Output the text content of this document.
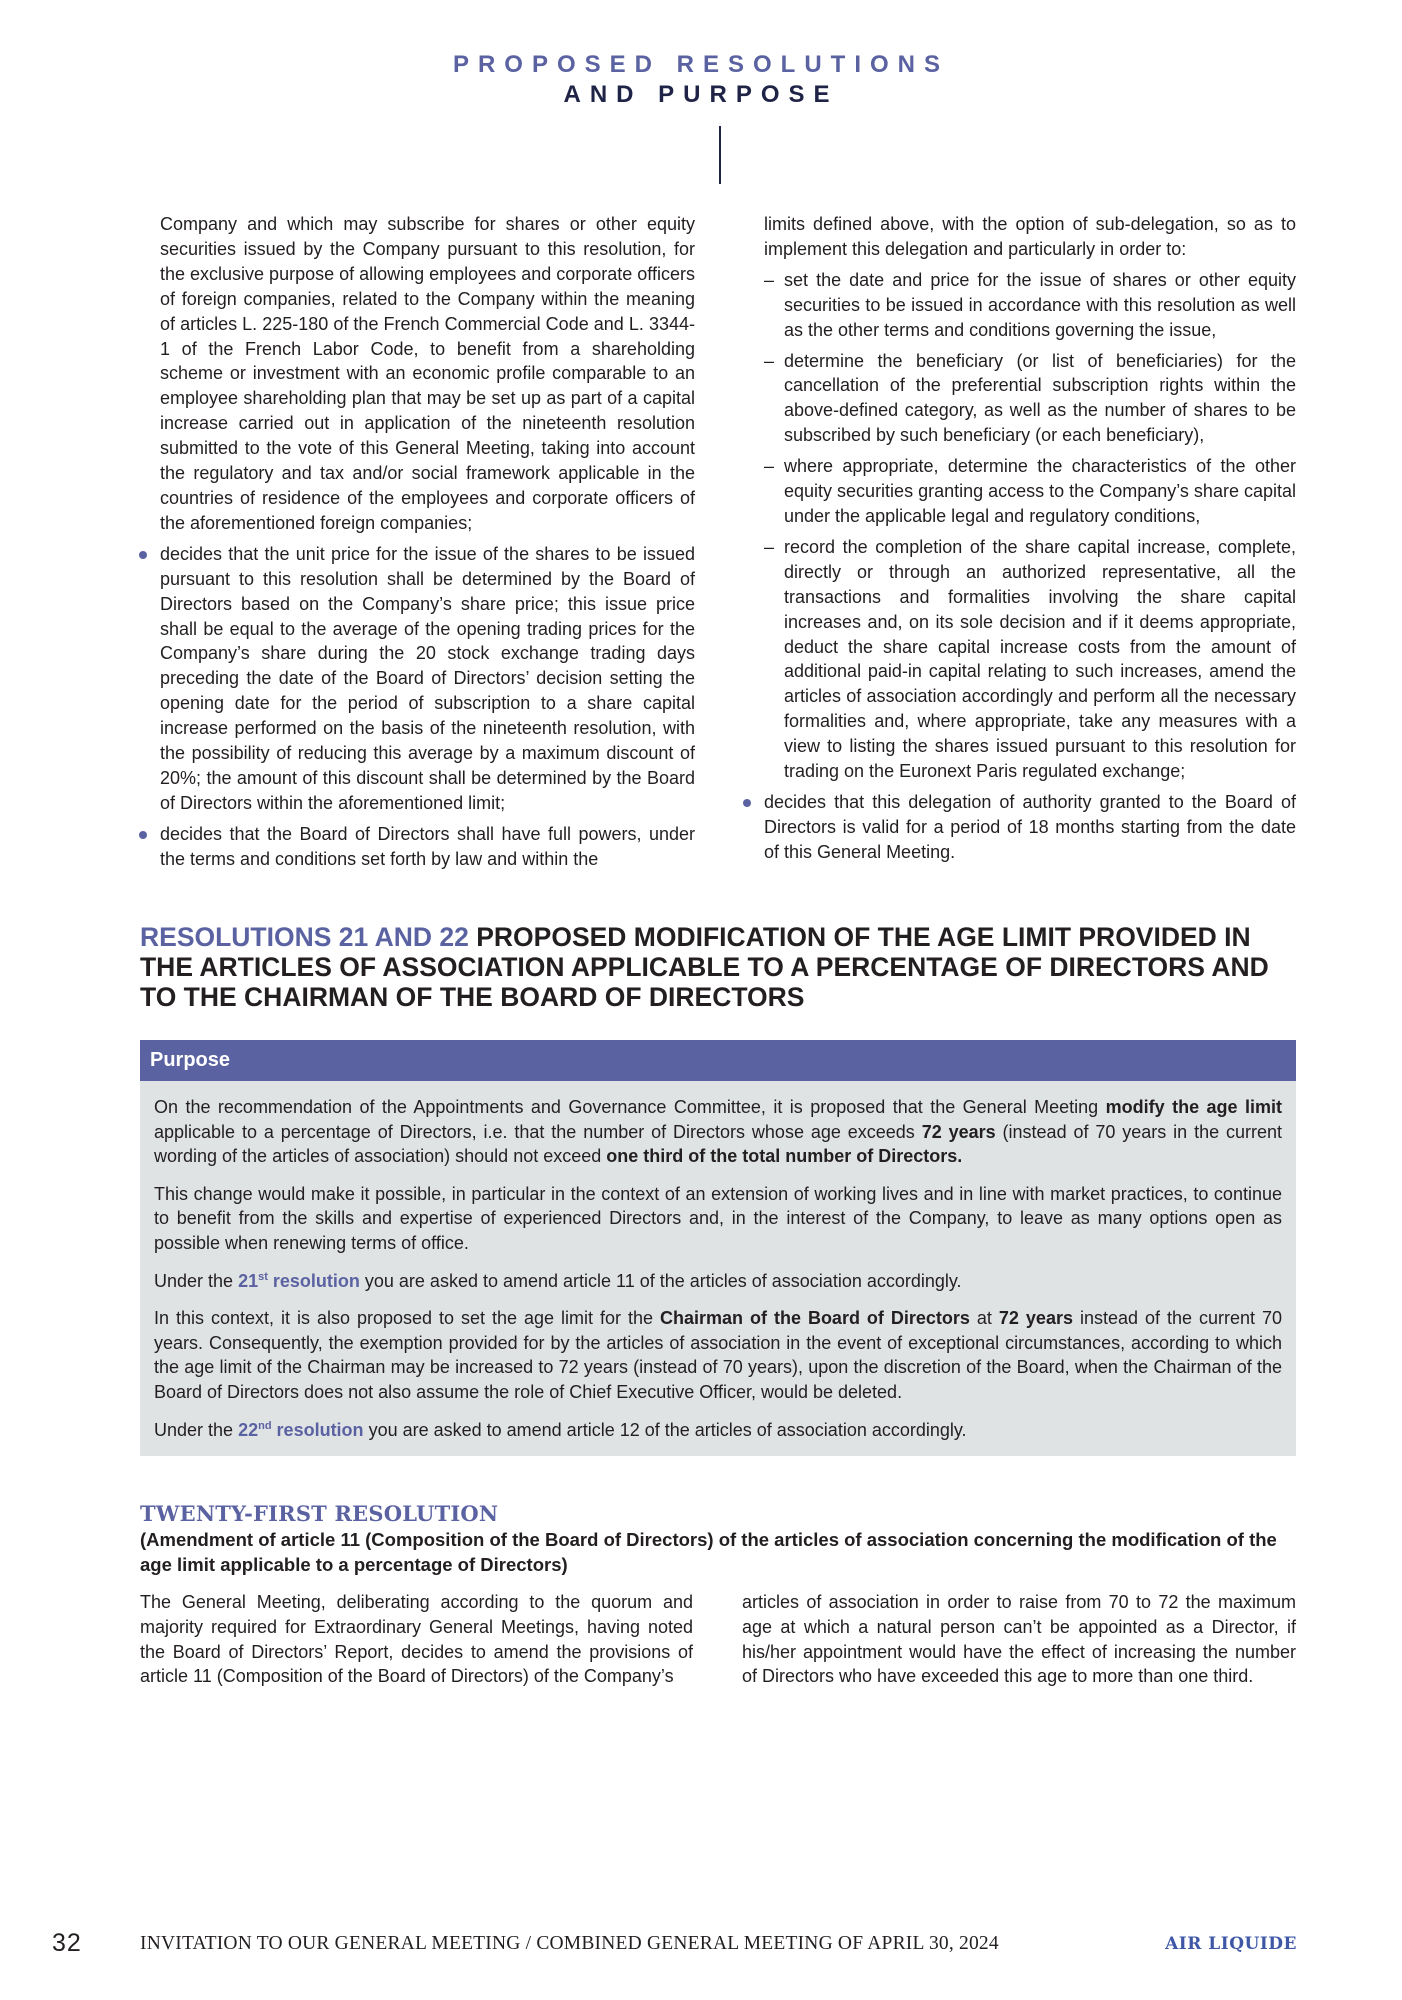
PROPOSED RESOLUTIONS
AND PURPOSE

Company and which may subscribe for shares or other equity securities issued by the Company pursuant to this resolution, for the exclusive purpose of allowing employees and corporate officers of foreign companies, related to the Company within the meaning of articles L. 225-180 of the French Commercial Code and L. 3344-1 of the French Labor Code, to benefit from a shareholding scheme or investment with an economic profile comparable to an employee shareholding plan that may be set up as part of a capital increase carried out in application of the nineteenth resolution submitted to the vote of this General Meeting, taking into account the regulatory and tax and/or social framework applicable in the countries of residence of the employees and corporate officers of the aforementioned foreign companies;

decides that the unit price for the issue of the shares to be issued pursuant to this resolution shall be determined by the Board of Directors based on the Company’s share price; this issue price shall be equal to the average of the opening trading prices for the Company’s share during the 20 stock exchange trading days preceding the date of the Board of Directors’ decision setting the opening date for the period of subscription to a share capital increase performed on the basis of the nineteenth resolution, with the possibility of reducing this average by a maximum discount of 20%; the amount of this discount shall be determined by the Board of Directors within the aforementioned limit;

decides that the Board of Directors shall have full powers, under the terms and conditions set forth by law and within the

limits defined above, with the option of sub-delegation, so as to implement this delegation and particularly in order to:

– set the date and price for the issue of shares or other equity securities to be issued in accordance with this resolution as well as the other terms and conditions governing the issue,
– determine the beneficiary (or list of beneficiaries) for the cancellation of the preferential subscription rights within the above-defined category, as well as the number of shares to be subscribed by such beneficiary (or each beneficiary),
– where appropriate, determine the characteristics of the other equity securities granting access to the Company’s share capital under the applicable legal and regulatory conditions,
– record the completion of the share capital increase, complete, directly or through an authorized representative, all the transactions and formalities involving the share capital increases and, on its sole decision and if it deems appropriate, deduct the share capital increase costs from the amount of additional paid-in capital relating to such increases, amend the articles of association accordingly and perform all the necessary formalities and, where appropriate, take any measures with a view to listing the shares issued pursuant to this resolution for trading on the Euronext Paris regulated exchange;

decides that this delegation of authority granted to the Board of Directors is valid for a period of 18 months starting from the date of this General Meeting.

RESOLUTIONS 21 AND 22 PROPOSED MODIFICATION OF THE AGE LIMIT PROVIDED IN THE ARTICLES OF ASSOCIATION APPLICABLE TO A PERCENTAGE OF DIRECTORS AND TO THE CHAIRMAN OF THE BOARD OF DIRECTORS
Purpose

On the recommendation of the Appointments and Governance Committee, it is proposed that the General Meeting modify the age limit applicable to a percentage of Directors, i.e. that the number of Directors whose age exceeds 72 years (instead of 70 years in the current wording of the articles of association) should not exceed one third of the total number of Directors.

This change would make it possible, in particular in the context of an extension of working lives and in line with market practices, to continue to benefit from the skills and expertise of experienced Directors and, in the interest of the Company, to leave as many options open as possible when renewing terms of office.

Under the 21st resolution you are asked to amend article 11 of the articles of association accordingly.

In this context, it is also proposed to set the age limit for the Chairman of the Board of Directors at 72 years instead of the current 70 years. Consequently, the exemption provided for by the articles of association in the event of exceptional circumstances, according to which the age limit of the Chairman may be increased to 72 years (instead of 70 years), upon the discretion of the Board, when the Chairman of the Board of Directors does not also assume the role of Chief Executive Officer, would be deleted.

Under the 22nd resolution you are asked to amend article 12 of the articles of association accordingly.

TWENTY-FIRST RESOLUTION
(Amendment of article 11 (Composition of the Board of Directors) of the articles of association concerning the modification of the age limit applicable to a percentage of Directors)

The General Meeting, deliberating according to the quorum and majority required for Extraordinary General Meetings, having noted the Board of Directors’ Report, decides to amend the provisions of article 11 (Composition of the Board of Directors) of the Company’s

articles of association in order to raise from 70 to 72 the maximum age at which a natural person can’t be appointed as a Director, if his/her appointment would have the effect of increasing the number of Directors who have exceeded this age to more than one third.

32	INVITATION TO OUR GENERAL MEETING / COMBINED GENERAL MEETING OF APRIL 30, 2024	AIR LIQUIDE
